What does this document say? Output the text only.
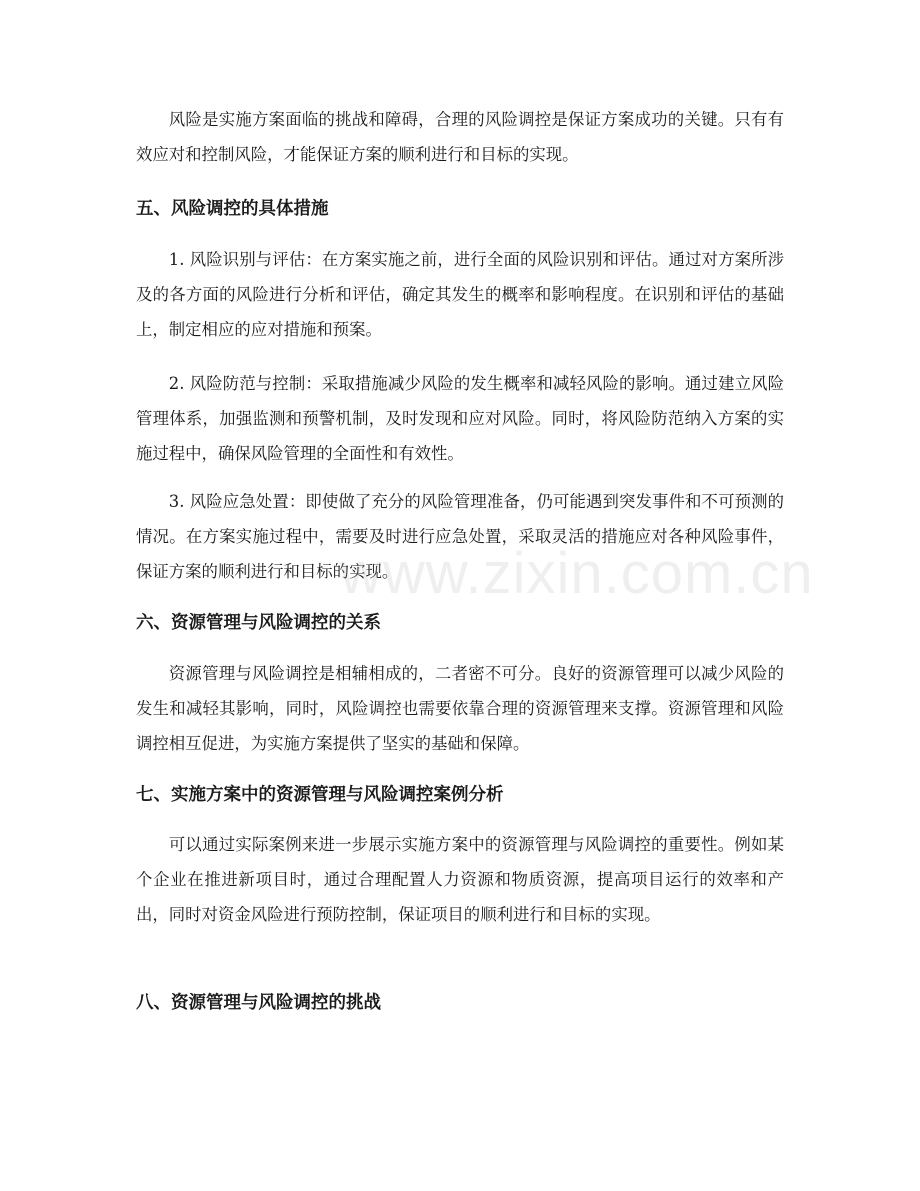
风险是实施方案面临的挑战和障碍，合理的风险调控是保证方案成功的关键。只有有效应对和控制风险，才能保证方案的顺利进行和目标的实现。

五、风险调控的具体措施

1. 风险识别与评估：在方案实施之前，进行全面的风险识别和评估。通过对方案所涉及的各方面的风险进行分析和评估，确定其发生的概率和影响程度。在识别和评估的基础上，制定相应的应对措施和预案。

2. 风险防范与控制：采取措施减少风险的发生概率和减轻风险的影响。通过建立风险管理体系，加强监测和预警机制，及时发现和应对风险。同时，将风险防范纳入方案的实施过程中，确保风险管理的全面性和有效性。

3. 风险应急处置：即使做了充分的风险管理准备，仍可能遇到突发事件和不可预测的情况。在方案实施过程中，需要及时进行应急处置，采取灵活的措施应对各种风险事件，保证方案的顺利进行和目标的实现。

六、资源管理与风险调控的关系

资源管理与风险调控是相辅相成的，二者密不可分。良好的资源管理可以减少风险的发生和减轻其影响，同时，风险调控也需要依靠合理的资源管理来支撑。资源管理和风险调控相互促进，为实施方案提供了坚实的基础和保障。

七、实施方案中的资源管理与风险调控案例分析

可以通过实际案例来进一步展示实施方案中的资源管理与风险调控的重要性。例如某个企业在推进新项目时，通过合理配置人力资源和物质资源，提高项目运行的效率和产出，同时对资金风险进行预防控制，保证项目的顺利进行和目标的实现。

八、资源管理与风险调控的挑战
www.zixin.com.cn
